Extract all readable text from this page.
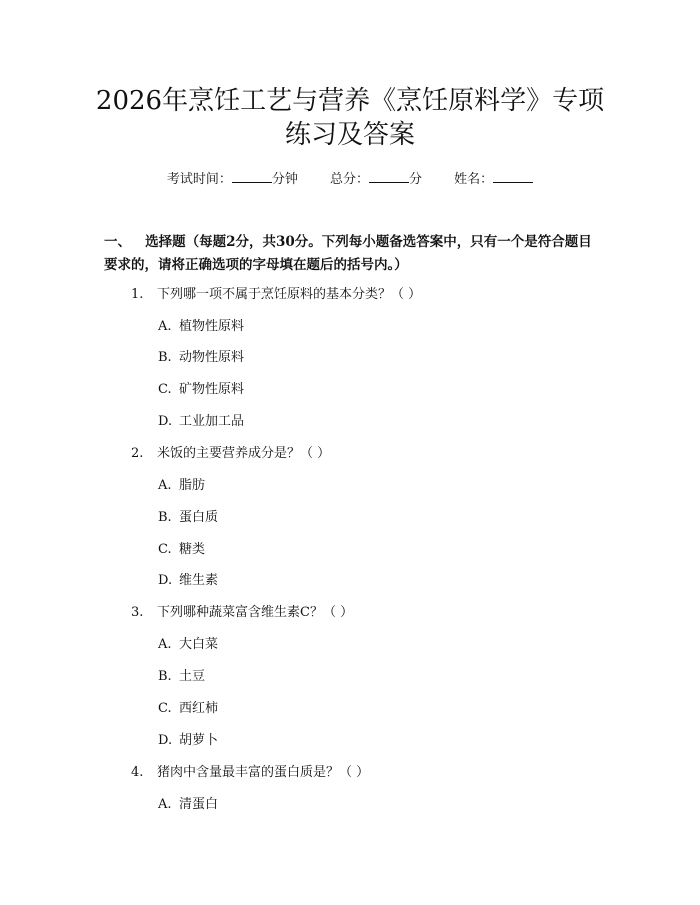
2026年烹饪工艺与营养《烹饪原料学》专项
练习及答案
考试时间：	分钟 总分：	分 姓名：
一、 选择题（每题2分，共30分。下列每小题备选答案中，只有一个是符合题目要求的，请将正确选项的字母填在题后的括号内。）
1. 下列哪一项不属于烹饪原料的基本分类？（ ）
A. 植物性原料
B. 动物性原料
C. 矿物性原料
D. 工业加工品
2. 米饭的主要营养成分是？（ ）
A. 脂肪
B. 蛋白质
C. 糖类
D. 维生素
3. 下列哪种蔬菜富含维生素C？（ ）
A. 大白菜
B. 土豆
C. 西红柿
D. 胡萝卜
4. 猪肉中含量最丰富的蛋白质是？（ ）
A. 清蛋白
